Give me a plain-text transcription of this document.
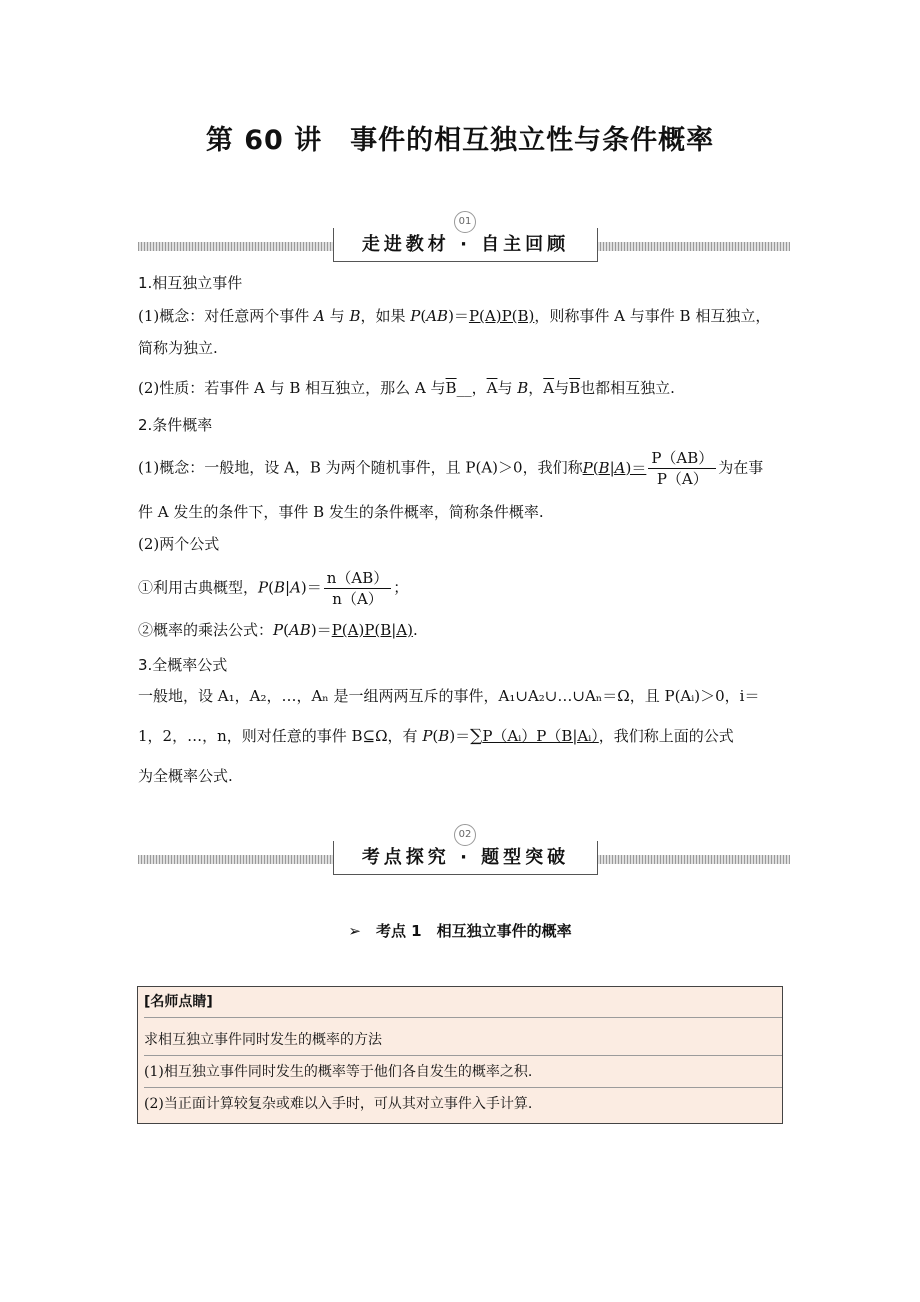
第 60 讲　事件的相互独立性与条件概率
走进教材 · 自主回顾
01
1.相互独立事件
(1)概念：对任意两个事件 A 与 B，如果 P(AB)＝P(A)P(B)，则称事件 A 与事件 B 相互独立，
简称为独立.
(2)性质：若事件 A 与 B 相互独立，那么 A 与$\overline{B}\_\_$，$\overline{A}$与 B，$\overline{A}$与$\overline{B}$也都相互独立.
2.条件概率
(1)概念：一般地，设 A，B 为两个随机事件，且 P(A)＞0，我们称$P(B|A)= \frac{P(AB)}{P(A)}$ 为在事
件 A 发生的条件下，事件 B 发生的条件概率，简称条件概率.
(2)两个公式
①利用古典概型，$P(B|A)= \frac{n(AB)}{n(A)}$ ；
②概率的乘法公式：P(AB)＝P(A)P(B|A).
3.全概率公式
一般地，设 A₁，A₂，…，Aₙ 是一组两两互斥的事件，A₁∪A₂∪…∪Aₙ＝Ω，且 P(Aᵢ)＞0，i＝
1，2，…，n，则对任意的事件 B⊆Ω，有 P(B)＝∑P（Aᵢ）P（B|Aᵢ），我们称上面的公式
为全概率公式.
考点探究 · 题型突破
02
➢　考点 1　相互独立事件的概率
[名师点睛]
求相互独立事件同时发生的概率的方法
(1)相互独立事件同时发生的概率等于他们各自发生的概率之积.
(2)当正面计算较复杂或难以入手时，可从其对立事件入手计算.
